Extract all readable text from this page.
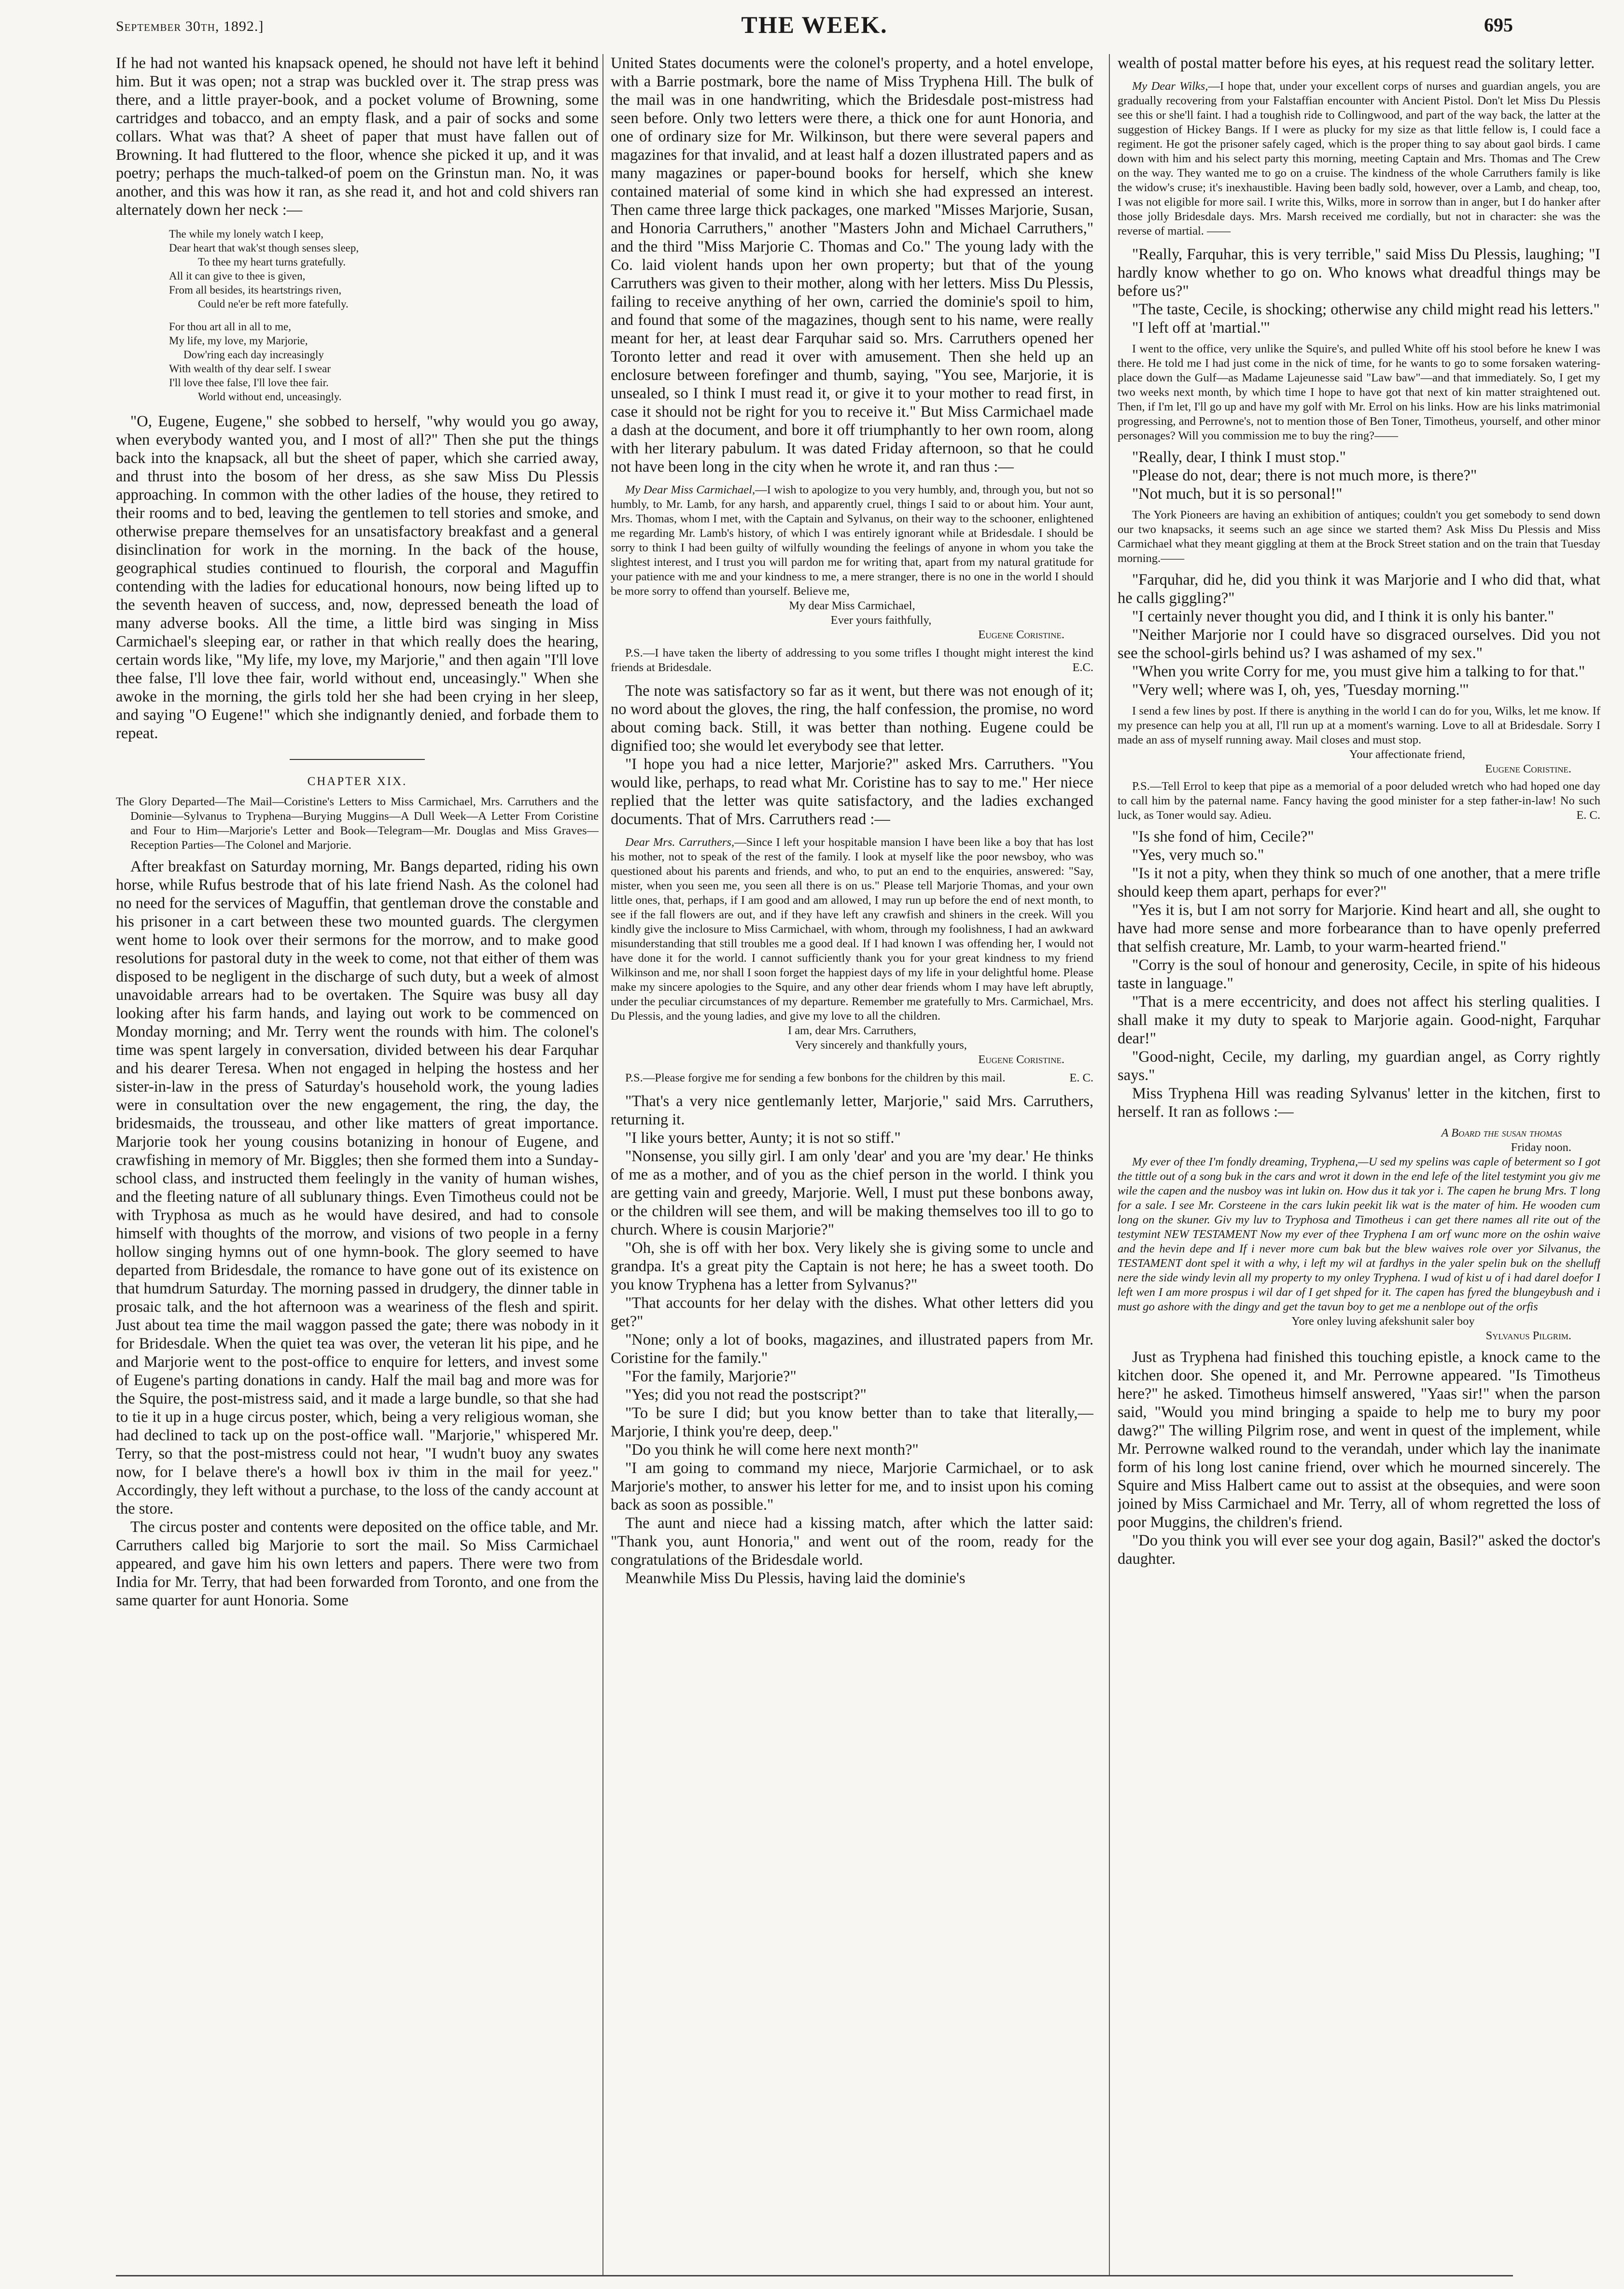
September 30th, 1892.]	THE WEEK.	695

If he had not wanted his knapsack opened, he should not have left it behind him. But it was open; not a strap was buckled over it. The strap press was there, and a little prayer-book, and a pocket volume of Browning, some cartridges and tobacco, and an empty flask, and a pair of socks and some collars. What was that? A sheet of paper that must have fallen out of Browning. It had fluttered to the floor, whence she picked it up, and it was poetry; perhaps the much-talked-of poem on the Grinstun man. No, it was another, and this was how it ran, as she read it, and hot and cold shivers ran alternately down her neck :—

The while my lonely watch I keep,
Dear heart that wak'st though senses sleep,
To thee my heart turns gratefully.
All it can give to thee is given,
From all besides, its heartstrings riven,
Could ne'er be reft more fatefully.
For thou art all in all to me,
My life, my love, my Marjorie,
Dow'ring each day increasingly
With wealth of thy dear self. I swear
I'll love thee false, I'll love thee fair.
World without end, unceasingly.

"O, Eugene, Eugene," she sobbed to herself, "why would you go away, when everybody wanted you, and I most of all?" Then she put the things back into the knapsack, all but the sheet of paper, which she carried away, and thrust into the bosom of her dress, as she saw Miss Du Plessis approaching. In common with the other ladies of the house, they retired to their rooms and to bed, leaving the gentlemen to tell stories and smoke, and otherwise prepare themselves for an unsatisfactory breakfast and a general disinclination for work in the morning. In the back of the house, geographical studies continued to flourish, the corporal and Maguffin contending with the ladies for educational honours, now being lifted up to the seventh heaven of success, and, now, depressed beneath the load of many adverse books. All the time, a little bird was singing in Miss Carmichael's sleeping ear, or rather in that which really does the hearing, certain words like, "My life, my love, my Marjorie," and then again "I'll love thee false, I'll love thee fair, world without end, unceasingly." When she awoke in the morning, the girls told her she had been crying in her sleep, and saying "O Eugene!" which she indignantly denied, and forbade them to repeat.

CHAPTER XIX.
The Glory Departed—The Mail—Coristine's Letters to Miss Carmichael, Mrs. Carruthers and the Dominie—Sylvanus to Tryphena—Burying Muggins—A Dull Week—A Letter From Coristine and Four to Him—Marjorie's Letter and Book—Telegram—Mr. Douglas and Miss Graves—Reception Parties—The Colonel and Marjorie.

After breakfast on Saturday morning, Mr. Bangs departed, riding his own horse, while Rufus bestrode that of his late friend Nash. As the colonel had no need for the services of Maguffin, that gentleman drove the constable and his prisoner in a cart between these two mounted guards. The clergymen went home to look over their sermons for the morrow, and to make good resolutions for pastoral duty in the week to come, not that either of them was disposed to be negligent in the discharge of such duty, but a week of almost unavoidable arrears had to be overtaken. The Squire was busy all day looking after his farm hands, and laying out work to be commenced on Monday morning; and Mr. Terry went the rounds with him. The colonel's time was spent largely in conversation, divided between his dear Farquhar and his dearer Teresa. When not engaged in helping the hostess and her sister-in-law in the press of Saturday's household work, the young ladies were in consultation over the new engagement, the ring, the day, the bridesmaids, the trousseau, and other like matters of great importance. Marjorie took her young cousins botanizing in honour of Eugene, and crawfishing in memory of Mr. Biggles; then she formed them into a Sunday-school class, and instructed them feelingly in the vanity of human wishes, and the fleeting nature of all sublunary things. Even Timotheus could not be with Tryphosa as much as he would have desired, and had to console himself with thoughts of the morrow, and visions of two people in a ferny hollow singing hymns out of one hymn-book. The glory seemed to have departed from Bridesdale, the romance to have gone out of its existence on that humdrum Saturday. The morning passed in drudgery, the dinner table in prosaic talk, and the hot afternoon was a weariness of the flesh and spirit. Just about tea time the mail waggon passed the gate; there was nobody in it for Bridesdale. When the quiet tea was over, the veteran lit his pipe, and he and Marjorie went to the post-office to enquire for letters, and invest some of Eugene's parting donations in candy. Half the mail bag and more was for the Squire, the post-mistress said, and it made a large bundle, so that she had to tie it up in a huge circus poster, which, being a very religious woman, she had declined to tack up on the post-office wall. "Marjorie," whispered Mr. Terry, so that the post-mistress could not hear, "I wudn't buoy any swates now, for I belave there's a howll box iv thim in the mail for yeez." Accordingly, they left without a purchase, to the loss of the candy account at the store.

The circus poster and contents were deposited on the office table, and Mr. Carruthers called big Marjorie to sort the mail. So Miss Carmichael appeared, and gave him his own letters and papers. There were two from India for Mr. Terry, that had been forwarded from Toronto, and one from the same quarter for aunt Honoria. Some

United States documents were the colonel's property, and a hotel envelope, with a Barrie postmark, bore the name of Miss Tryphena Hill. The bulk of the mail was in one handwriting, which the Bridesdale post-mistress had seen before. Only two letters were there, a thick one for aunt Honoria, and one of ordinary size for Mr. Wilkinson, but there were several papers and magazines for that invalid, and at least half a dozen illustrated papers and as many magazines or paper-bound books for herself, which she knew contained material of some kind in which she had expressed an interest. Then came three large thick packages, one marked "Misses Marjorie, Susan, and Honoria Carruthers," another "Masters John and Michael Carruthers," and the third "Miss Marjorie C. Thomas and Co." The young lady with the Co. laid violent hands upon her own property; but that of the young Carruthers was given to their mother, along with her letters. Miss Du Plessis, failing to receive anything of her own, carried the dominie's spoil to him, and found that some of the magazines, though sent to his name, were really meant for her, at least dear Farquhar said so. Mrs. Carruthers opened her Toronto letter and read it over with amusement. Then she held up an enclosure between forefinger and thumb, saying, "You see, Marjorie, it is unsealed, so I think I must read it, or give it to your mother to read first, in case it should not be right for you to receive it." But Miss Carmichael made a dash at the document, and bore it off triumphantly to her own room, along with her literary pabulum. It was dated Friday afternoon, so that he could not have been long in the city when he wrote it, and ran thus :—

My Dear Miss Carmichael,—I wish to apologize to you very humbly, and, through you, but not so humbly, to Mr. Lamb, for any harsh, and apparently cruel, things I said to or about him. Your aunt, Mrs. Thomas, whom I met, with the Captain and Sylvanus, on their way to the schooner, enlightened me regarding Mr. Lamb's history, of which I was entirely ignorant while at Bridesdale. I should be sorry to think I had been guilty of wilfully wounding the feelings of anyone in whom you take the slightest interest, and I trust you will pardon me for writing that, apart from my natural gratitude for your patience with me and your kindness to me, a mere stranger, there is no one in the world I should be more sorry to offend than yourself. Believe me,

My dear Miss Carmichael,

Ever yours faithfully,

Eugene Coristine.

P.S.—I have taken the liberty of addressing to you some trifles I thought might interest the kind friends at Bridesdale.	E.C.

The note was satisfactory so far as it went, but there was not enough of it; no word about the gloves, the ring, the half confession, the promise, no word about coming back. Still, it was better than nothing. Eugene could be dignified too; she would let everybody see that letter.

"I hope you had a nice letter, Marjorie?" asked Mrs. Carruthers. "You would like, perhaps, to read what Mr. Coristine has to say to me." Her niece replied that the letter was quite satisfactory, and the ladies exchanged documents. That of Mrs. Carruthers read :—

Dear Mrs. Carruthers,—Since I left your hospitable mansion I have been like a boy that has lost his mother, not to speak of the rest of the family. I look at myself like the poor newsboy, who was questioned about his parents and friends, and who, to put an end to the enquiries, answered: "Say, mister, when you seen me, you seen all there is on us." Please tell Marjorie Thomas, and your own little ones, that, perhaps, if I am good and am allowed, I may run up before the end of next month, to see if the fall flowers are out, and if they have left any crawfish and shiners in the creek. Will you kindly give the inclosure to Miss Carmichael, with whom, through my foolishness, I had an awkward misunderstanding that still troubles me a good deal. If I had known I was offending her, I would not have done it for the world. I cannot sufficiently thank you for your great kindness to my friend Wilkinson and me, nor shall I soon forget the happiest days of my life in your delightful home. Please make my sincere apologies to the Squire, and any other dear friends whom I may have left abruptly, under the peculiar circumstances of my departure. Remember me gratefully to Mrs. Carmichael, Mrs. Du Plessis, and the young ladies, and give my love to all the children.

I am, dear Mrs. Carruthers,

Very sincerely and thankfully yours,

Eugene Coristine.

P.S.—Please forgive me for sending a few bonbons for the children by this mail.	E. C.

"That's a very nice gentlemanly letter, Marjorie," said Mrs. Carruthers, returning it.

"I like yours better, Aunty; it is not so stiff."

"Nonsense, you silly girl. I am only 'dear' and you are 'my dear.' He thinks of me as a mother, and of you as the chief person in the world. I think you are getting vain and greedy, Marjorie. Well, I must put these bonbons away, or the children will see them, and will be making themselves too ill to go to church. Where is cousin Marjorie?"

"Oh, she is off with her box. Very likely she is giving some to uncle and grandpa. It's a great pity the Captain is not here; he has a sweet tooth. Do you know Tryphena has a letter from Sylvanus?"

"That accounts for her delay with the dishes. What other letters did you get?"

"None; only a lot of books, magazines, and illustrated papers from Mr. Coristine for the family."

"For the family, Marjorie?"

"Yes; did you not read the postscript?"

"To be sure I did; but you know better than to take that literally,—Marjorie, I think you're deep, deep."

"Do you think he will come here next month?"

"I am going to command my niece, Marjorie Carmichael, or to ask Marjorie's mother, to answer his letter for me, and to insist upon his coming back as soon as possible."

The aunt and niece had a kissing match, after which the latter said: "Thank you, aunt Honoria," and went out of the room, ready for the congratulations of the Bridesdale world.

Meanwhile Miss Du Plessis, having laid the dominie's

wealth of postal matter before his eyes, at his request read the solitary letter.

My Dear Wilks,—I hope that, under your excellent corps of nurses and guardian angels, you are gradually recovering from your Falstaffian encounter with Ancient Pistol. Don't let Miss Du Plessis see this or she'll faint. I had a toughish ride to Collingwood, and part of the way back, the latter at the suggestion of Hickey Bangs. If I were as plucky for my size as that little fellow is, I could face a regiment. He got the prisoner safely caged, which is the proper thing to say about gaol birds. I came down with him and his select party this morning, meeting Captain and Mrs. Thomas and The Crew on the way. They wanted me to go on a cruise. The kindness of the whole Carruthers family is like the widow's cruse; it's inexhaustible. Having been badly sold, however, over a Lamb, and cheap, too, I was not eligible for more sail. I write this, Wilks, more in sorrow than in anger, but I do hanker after those jolly Bridesdale days. Mrs. Marsh received me cordially, but not in character: she was the reverse of martial. ——

"Really, Farquhar, this is very terrible," said Miss Du Plessis, laughing; "I hardly know whether to go on. Who knows what dreadful things may be before us?"

"The taste, Cecile, is shocking; otherwise any child might read his letters."

"I left off at 'martial.'"

I went to the office, very unlike the Squire's, and pulled White off his stool before he knew I was there. He told me I had just come in the nick of time, for he wants to go to some forsaken watering-place down the Gulf—as Madame Lajeunesse said "Law baw"—and that immediately. So, I get my two weeks next month, by which time I hope to have got that next of kin matter straightened out. Then, if I'm let, I'll go up and have my golf with Mr. Errol on his links. How are his links matrimonial progressing, and Perrowne's, not to mention those of Ben Toner, Timotheus, yourself, and other minor personages? Will you commission me to buy the ring?——

"Really, dear, I think I must stop."

"Please do not, dear; there is not much more, is there?"

"Not much, but it is so personal!"

The York Pioneers are having an exhibition of antiques; couldn't you get somebody to send down our two knapsacks, it seems such an age since we started them? Ask Miss Du Plessis and Miss Carmichael what they meant giggling at them at the Brock Street station and on the train that Tuesday morning.——

"Farquhar, did he, did you think it was Marjorie and I who did that, what he calls giggling?"

"I certainly never thought you did, and I think it is only his banter."

"Neither Marjorie nor I could have so disgraced ourselves. Did you not see the school-girls behind us? I was ashamed of my sex."

"When you write Corry for me, you must give him a talking to for that."

"Very well; where was I, oh, yes, 'Tuesday morning.'"

I send a few lines by post. If there is anything in the world I can do for you, Wilks, let me know. If my presence can help you at all, I'll run up at a moment's warning. Love to all at Bridesdale. Sorry I made an ass of myself running away. Mail closes and must stop.

Your affectionate friend,

Eugene Coristine.

P.S.—Tell Errol to keep that pipe as a memorial of a poor deluded wretch who had hoped one day to call him by the paternal name. Fancy having the good minister for a step father-in-law! No such luck, as Toner would say. Adieu.	E. C.

"Is she fond of him, Cecile?"

"Yes, very much so."

"Is it not a pity, when they think so much of one another, that a mere trifle should keep them apart, perhaps for ever?"

"Yes it is, but I am not sorry for Marjorie. Kind heart and all, she ought to have had more sense and more forbearance than to have openly preferred that selfish creature, Mr. Lamb, to your warm-hearted friend."

"Corry is the soul of honour and generosity, Cecile, in spite of his hideous taste in language."

"That is a mere eccentricity, and does not affect his sterling qualities. I shall make it my duty to speak to Marjorie again. Good-night, Farquhar dear!"

"Good-night, Cecile, my darling, my guardian angel, as Corry rightly says."

Miss Tryphena Hill was reading Sylvanus' letter in the kitchen, first to herself. It ran as follows :—

A Board the susan thomas

Friday noon.

My ever of thee I'm fondly dreaming, Tryphena,—U sed my spelins was caple of beterment so I got the tittle out of a song buk in the cars and wrot it down in the end lefe of the litel testymint you giv me wile the capen and the nusboy was int lukin on. How dus it tak yor i. The capen he brung Mrs. T long for a sale. I see Mr. Corsteene in the cars lukin peekit lik wat is the mater of him. He wooden cum long on the skuner. Giv my luv to Tryphosa and Timotheus i can get there names all rite out of the testymint NEW TESTAMENT Now my ever of thee Tryphena I am orf wunc more on the oshin waive and the hevin depe and If i never more cum bak but the blew waives role over yor Silvanus, the TESTAMENT dont spel it with a why, i left my wil at fardhys in the yaler spelin buk on the shelluff nere the side windy levin all my property to my onley Tryphena. I wud of kist u of i had darel doefor I left wen I am more prospus i wil dar of I get shped for it. The capen has fyred the blungeybush and i must go ashore with the dingy and get the tavun boy to get me a nenblope out of the orfis

Yore onley luving afekshunit saler boy

Sylvanus Pilgrim.

Just as Tryphena had finished this touching epistle, a knock came to the kitchen door. She opened it, and Mr. Perrowne appeared. "Is Timotheus here?" he asked. Timotheus himself answered, "Yaas sir!" when the parson said, "Would you mind bringing a spaide to help me to bury my poor dawg?" The willing Pilgrim rose, and went in quest of the implement, while Mr. Perrowne walked round to the verandah, under which lay the inanimate form of his long lost canine friend, over which he mourned sincerely. The Squire and Miss Halbert came out to assist at the obsequies, and were soon joined by Miss Carmichael and Mr. Terry, all of whom regretted the loss of poor Muggins, the children's friend.

"Do you think you will ever see your dog again, Basil?" asked the doctor's daughter.
